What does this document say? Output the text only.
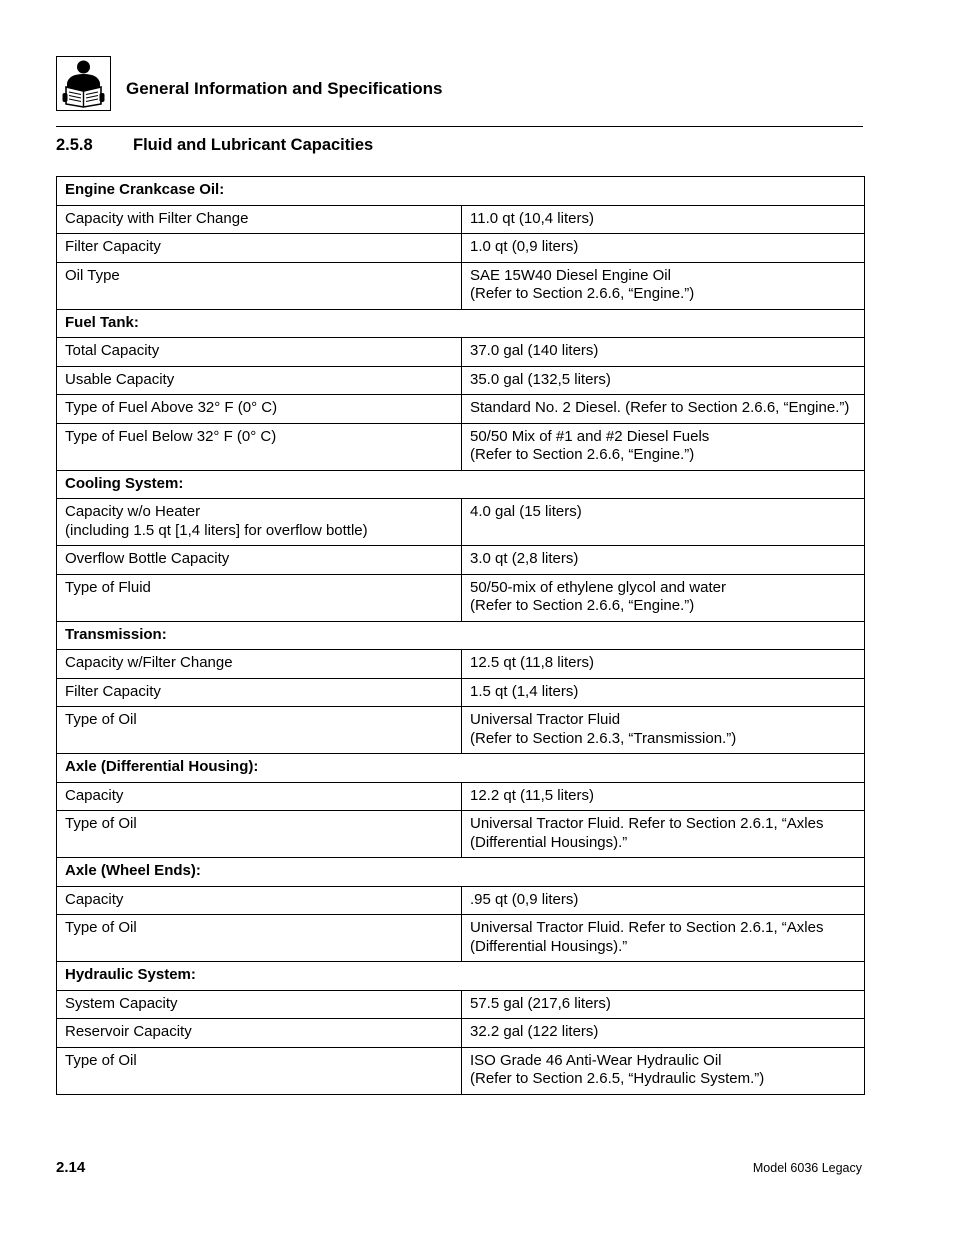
General Information and Specifications
2.5.8 Fluid and Lubricant Capacities
Engine Crankcase Oil:	

Capacity with Filter Change	11.0 qt (10,4 liters)

Filter Capacity	1.0 qt (0,9 liters)

Oil Type	SAE 15W40 Diesel Engine Oil
(Refer to Section 2.6.6, “Engine.”)

Fuel Tank:	

Total Capacity	37.0 gal (140 liters)

Usable Capacity	35.0 gal (132,5 liters)

Type of Fuel Above 32° F (0° C)	Standard No. 2 Diesel. (Refer to Section 2.6.6, “Engine.”)

Type of Fuel Below 32° F (0° C)	50/50 Mix of #1 and #2 Diesel Fuels
(Refer to Section 2.6.6, “Engine.”)

Cooling System:	

Capacity w/o Heater
(including 1.5 qt [1,4 liters] for overflow bottle)	4.0 gal (15 liters)

Overflow Bottle Capacity	3.0 qt (2,8 liters)

Type of Fluid	50/50-mix of ethylene glycol and water
(Refer to Section 2.6.6, “Engine.”)

Transmission:	

Capacity w/Filter Change	12.5 qt (11,8 liters)

Filter Capacity	1.5 qt (1,4 liters)

Type of Oil	Universal Tractor Fluid
(Refer to Section 2.6.3, “Transmission.”)

Axle (Differential Housing):	

Capacity	12.2 qt (11,5 liters)

Type of Oil	Universal Tractor Fluid. Refer to Section 2.6.1, “Axles
(Differential Housings).”

Axle (Wheel Ends):	

Capacity	.95 qt (0,9 liters)

Type of Oil	Universal Tractor Fluid. Refer to Section 2.6.1, “Axles
(Differential Housings).”

Hydraulic System:	

System Capacity	57.5 gal (217,6 liters)

Reservoir Capacity	32.2 gal (122 liters)

Type of Oil	ISO Grade 46 Anti-Wear Hydraulic Oil
(Refer to Section 2.6.5, “Hydraulic System.”)
2.14	Model 6036 Legacy
